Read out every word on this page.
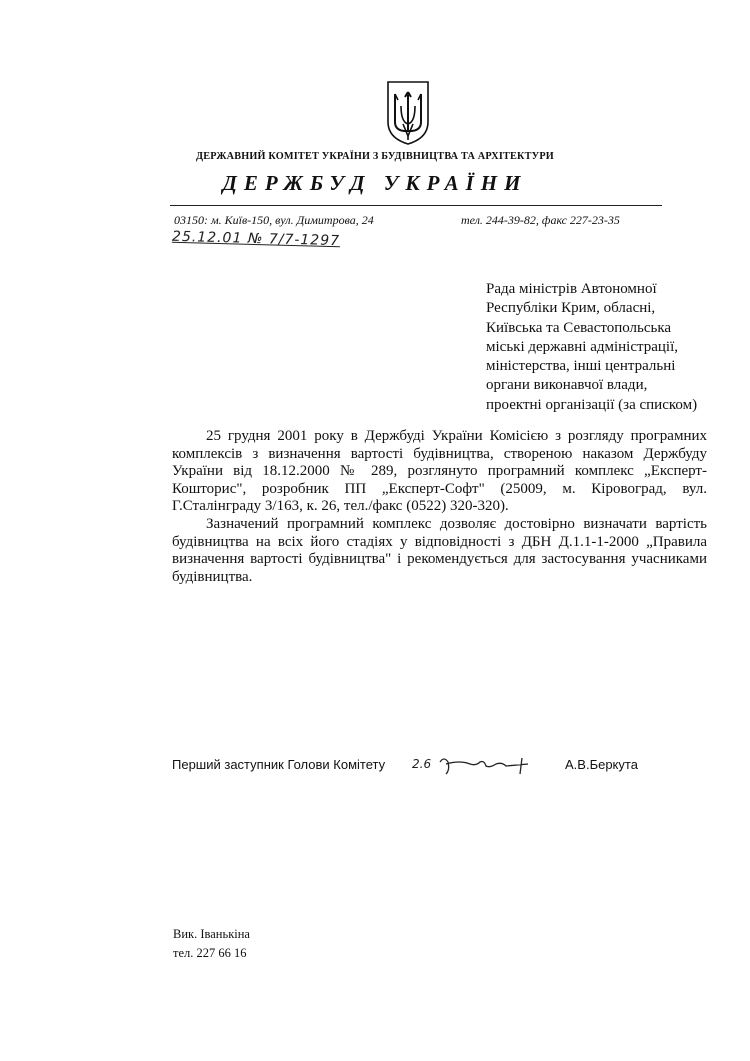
ДЕРЖАВНИЙ КОМІТЕТ УКРАЇНИ З БУДІВНИЦТВА ТА АРХІТЕКТУРИ
ДЕРЖБУД УКРАЇНИ
03150: м. Київ-150, вул. Димитрова, 24	тел. 244-39-82, факс 227-23-35
25.12.01 № 7/7-1297
Рада міністрів Автономної
Республіки Крим, обласні,
Київська та Севастопольська
міські державні адміністрації,
міністерства, інші центральні
органи виконавчої влади,
проектні організації (за списком)

25 грудня 2001 року в Держбуді України Комісією з розгляду програмних комплексів з визначення вартості будівництва, створеною наказом Держбуду України від 18.12.2000 № 289, розглянуто програмний комплекс „Експерт-Кошторис", розробник ПП „Експерт-Софт" (25009, м. Кіровоград, вул. Г.Сталінграду 3/163, к. 26, тел./факс (0522) 320-320).

Зазначений програмний комплекс дозволяє достовірно визначати вартість будівництва на всіх його стадіях у відповідності з ДБН Д.1.1-1-2000 „Правила визначення вартості будівництва" і рекомендується для застосування учасниками будівництва.

Перший заступник Голови Комітету 2.6	А.В.Беркута
Вик. Іванькіна
тел. 227 66 16
